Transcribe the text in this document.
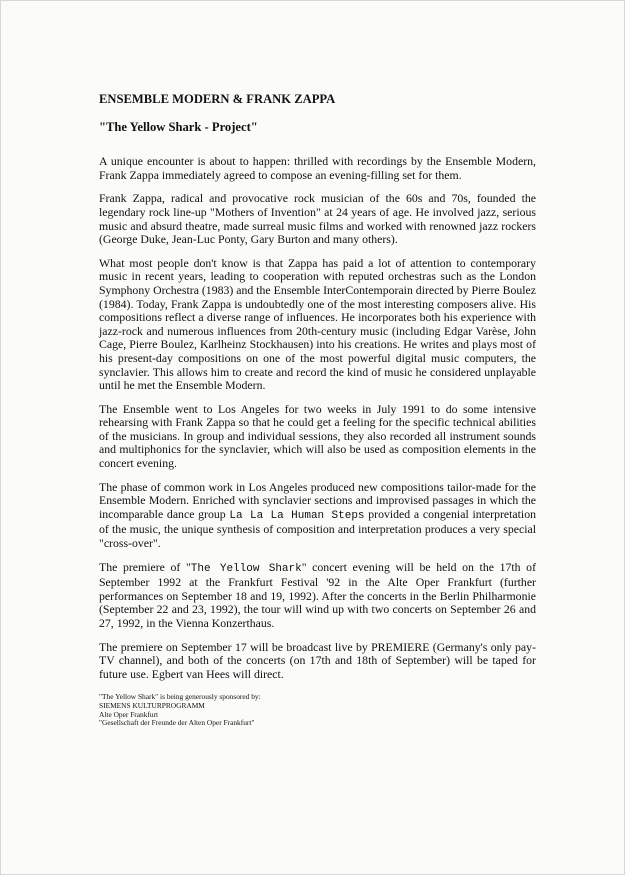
ENSEMBLE MODERN & FRANK ZAPPA
"The Yellow Shark - Project"

A unique encounter is about to happen: thrilled with recordings by the Ensemble Modern, Frank Zappa immediately agreed to compose an evening-filling set for them.

Frank Zappa, radical and provocative rock musician of the 60s and 70s, founded the legendary rock line-up "Mothers of Invention" at 24 years of age. He involved jazz, serious music and absurd theatre, made surreal music films and worked with renowned jazz rockers (George Duke, Jean-Luc Ponty, Gary Burton and many others).

What most people don't know is that Zappa has paid a lot of attention to contemporary music in recent years, leading to cooperation with reputed orchestras such as the London Symphony Orchestra (1983) and the Ensemble InterContemporain directed by Pierre Boulez (1984). Today, Frank Zappa is undoubtedly one of the most interesting composers alive. His compositions reflect a diverse range of influences. He incorporates both his experience with jazz-rock and numerous influences from 20th-century music (including Edgar Varèse, John Cage, Pierre Boulez, Karlheinz Stockhausen) into his creations. He writes and plays most of his present-day compositions on one of the most powerful digital music computers, the synclavier. This allows him to create and record the kind of music he considered unplayable until he met the Ensemble Modern.

The Ensemble went to Los Angeles for two weeks in July 1991 to do some intensive rehearsing with Frank Zappa so that he could get a feeling for the specific technical abilities of the musicians. In group and individual sessions, they also recorded all instrument sounds and multiphonics for the synclavier, which will also be used as composition elements in the concert evening.

The phase of common work in Los Angeles produced new compositions tailor-made for the Ensemble Modern. Enriched with synclavier sections and improvised passages in which the incomparable dance group La La La Human Steps provided a congenial interpretation of the music, the unique synthesis of composition and interpretation produces a very special "cross-over".

The premiere of "The Yellow Shark" concert evening will be held on the 17th of September 1992 at the Frankfurt Festival '92 in the Alte Oper Frankfurt (further performances on September 18 and 19, 1992). After the concerts in the Berlin Philharmonie (September 22 and 23, 1992), the tour will wind up with two concerts on September 26 and 27, 1992, in the Vienna Konzerthaus.

The premiere on September 17 will be broadcast live by PREMIERE (Germany's only pay-TV channel), and both of the concerts (on 17th and 18th of September) will be taped for future use. Egbert van Hees will direct.

"The Yellow Shark" is being generously sponsored by:
SIEMENS KULTURPROGRAMM
Alte Oper Frankfurt
"Gesellschaft der Freunde der Alten Oper Frankfurt"
